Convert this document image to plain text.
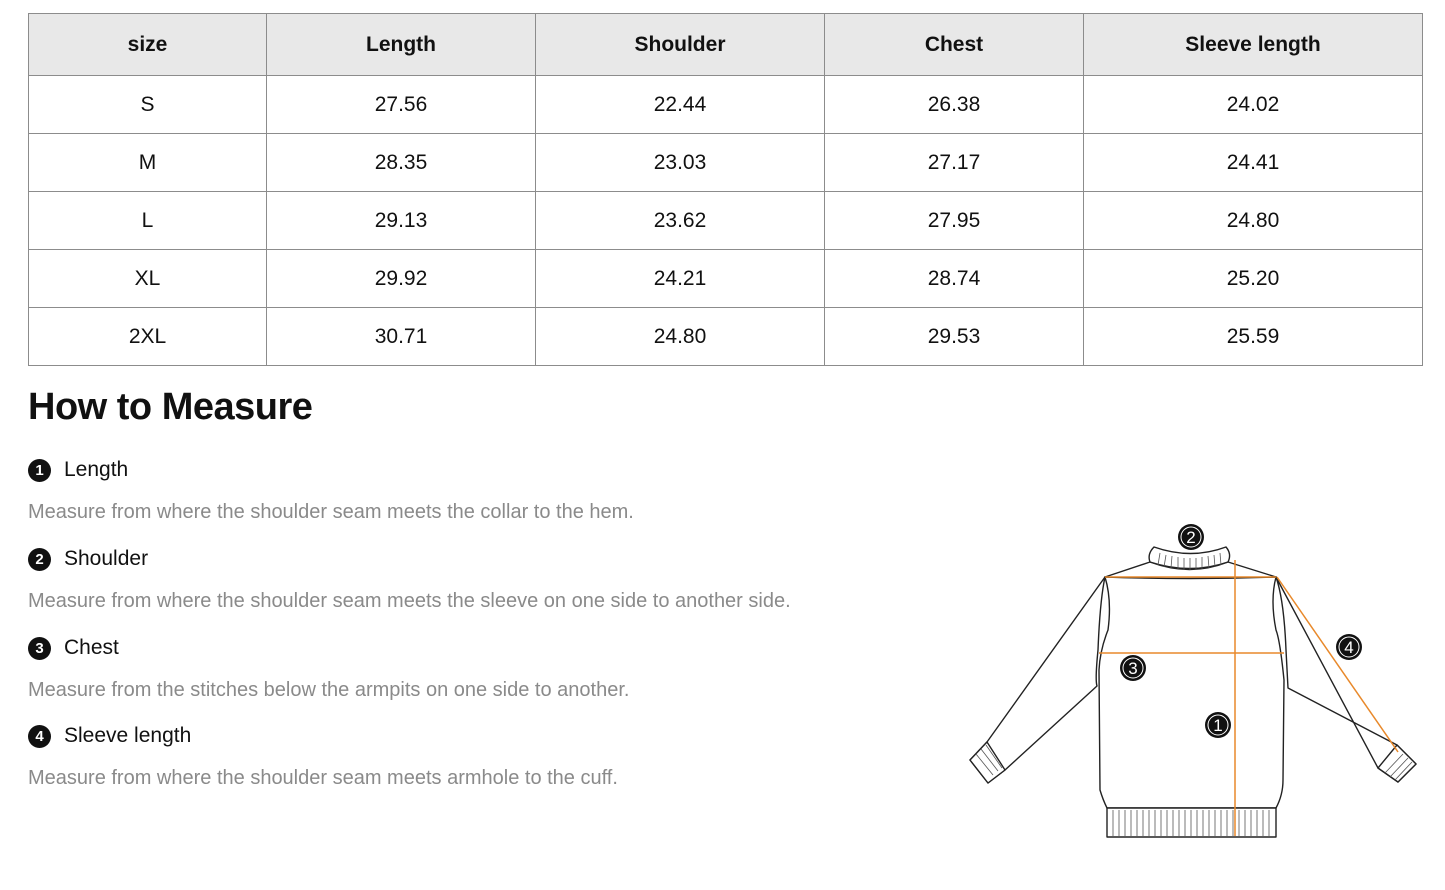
size	Length	Shoulder	Chest	Sleeve length
S	27.56	22.44	26.38	24.02
M	28.35	23.03	27.17	24.41
L	29.13	23.62	27.95	24.80
XL	29.92	24.21	28.74	25.20
2XL	30.71	24.80	29.53	25.59
How to Measure
1 Length
Measure from where the shoulder seam meets the collar to the hem.
2 Shoulder
Measure from where the shoulder seam meets the sleeve on one side to another side.
3 Chest
Measure from the stitches below the armpits on one side to another.
4 Sleeve length
Measure from where the shoulder seam meets armhole to the cuff.
2
3
1
4
